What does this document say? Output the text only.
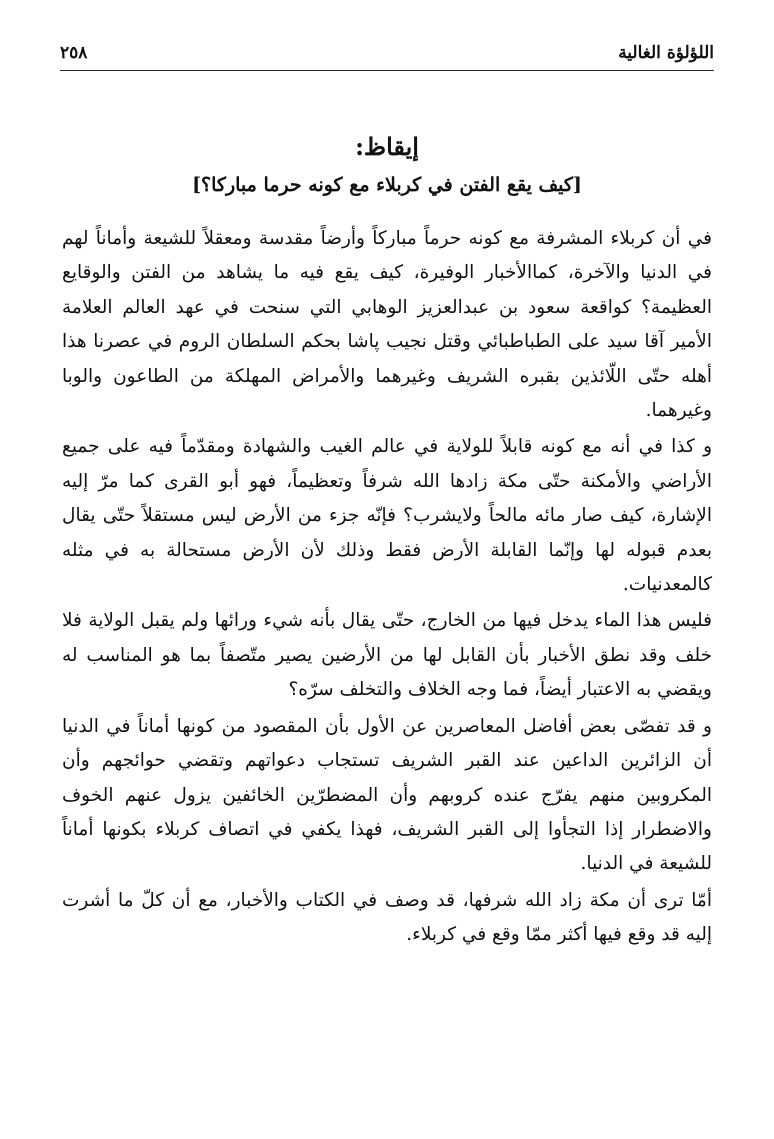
اللؤلؤة الغالية
٢٥٨
إيقاظ:
[كيف يقع الفتن في كربلاء مع كونه حرما مباركا؟]

في أن كربلاء المشرفة مع كونه حرماً مباركاً وأرضاً مقدسة ومعقلاً للشيعة وأماناً لهم في الدنيا والآخرة، كماالأخبار الوفيرة، كيف يقع فيه ما يشاهد من الفتن والوقايع العظيمة؟ كواقعة سعود بن عبدالعزيز الوهابي التي سنحت في عهد العالم العلامة الأمير آقا سيد على الطباطبائي وقتل نجيب پاشا بحكم السلطان الروم في عصرنا هذا أهله حتّى اللّائذين بقبره الشريف وغيرهما والأمراض المهلكة من الطاعون والوبا وغيرهما.

و كذا في أنه مع كونه قابلاً للولاية في عالم الغيب والشهادة ومقدّماً فيه على جميع الأراضي والأمكنة حتّى مكة زادها الله شرفاً وتعظيماً، فهو أبو القرى كما مرّ إليه الإشارة، كيف صار مائه مالحاً ولايشرب؟ فإنّه جزء من الأرض ليس مستقلاً حتّى يقال بعدم قبوله لها وإنّما القابلة الأرض فقط وذلك لأن الأرض مستحالة به في مثله كالمعدنيات.

فليس هذا الماء يدخل فيها من الخارج، حتّى يقال بأنه شيء ورائها ولم يقبل الولاية فلا خلف وقد نطق الأخبار بأن القابل لها من الأرضين يصير متّصفاً بما هو المناسب له ويقضي به الاعتبار أيضاً، فما وجه الخلاف والتخلف سرّه؟

و قد تفصّى بعض أفاضل المعاصرين عن الأول بأن المقصود من كونها أماناً في الدنيا أن الزائرين الداعين عند القبر الشريف تستجاب دعواتهم وتقضي حوائجهم وأن المكروبين منهم يفرّج عنده كروبهم وأن المضطرّين الخائفين يزول عنهم الخوف والاضطرار إذا التجأوا إلى القبر الشريف، فهذا يكفي في اتصاف كربلاء بكونها أماناً للشيعة في الدنيا.

أمّا ترى أن مكة زاد الله شرفها، قد وصف في الكتاب والأخبار، مع أن كلّ ما أشرت إليه قد وقع فيها أكثر ممّا وقع في كربلاء.
